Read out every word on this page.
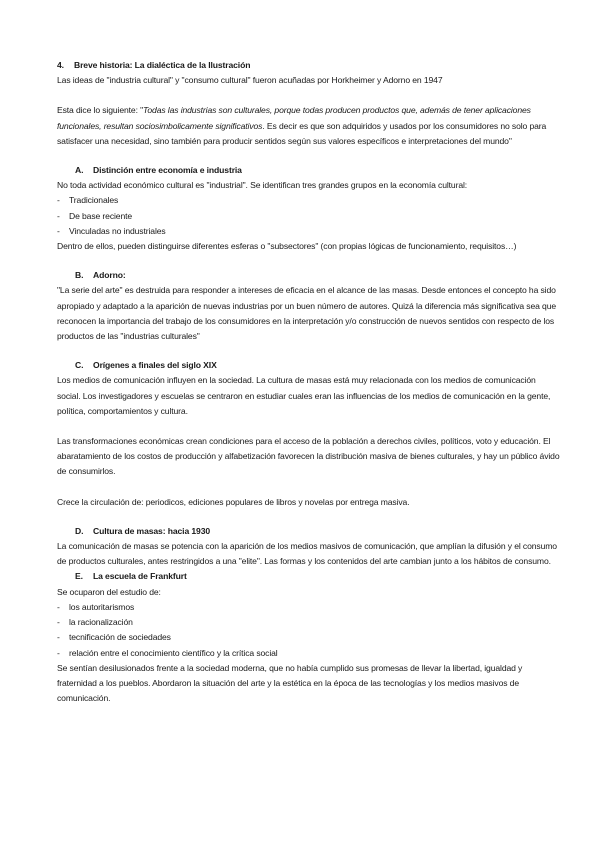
4. Breve historia: La dialéctica de la Ilustración

Las ideas de "industria cultural" y "consumo cultural" fueron acuñadas por Horkheimer y Adorno en 1947

Esta dice lo siguiente: "Todas las industrias son culturales, porque todas producen productos que, además de tener aplicaciones funcionales, resultan sociosimbolicamente significativos. Es decir es que son adquiridos y usados por los consumidores no solo para satisfacer una necesidad, sino también para producir sentidos según sus valores específicos e interpretaciones del mundo"

A. Distinción entre economía e industria

No toda actividad económico cultural es "industrial". Se identifican tres grandes grupos en la economía cultural:

- Tradicionales
- De base reciente
- Vinculadas no industriales

Dentro de ellos, pueden distinguirse diferentes esferas o "subsectores" (con propias lógicas de funcionamiento, requisitos…)

B. Adorno:

"La serie del arte" es destruida para responder a intereses de eficacia en el alcance de las masas. Desde entonces el concepto ha sido apropiado y adaptado a la aparición de nuevas industrias por un buen número de autores. Quizá la diferencia más significativa sea que reconocen la importancia del trabajo de los consumidores en la interpretación y/o construcción de nuevos sentidos con respecto de los productos de las "industrias culturales"

C. Orígenes a finales del siglo XIX

Los medios de comunicación influyen en la sociedad. La cultura de masas está muy relacionada con los medios de comunicación social. Los investigadores y escuelas se centraron en estudiar cuales eran las influencias de los medios de comunicación en la gente, política, comportamientos y cultura.

Las transformaciones económicas crean condiciones para el acceso de la población a derechos civiles, políticos, voto y educación. El abaratamiento de los costos de producción y alfabetización favorecen la distribución masiva de bienes culturales, y hay un público ávido de consumirlos.

Crece la circulación de: periodicos, ediciones populares de libros y novelas por entrega masiva.

D. Cultura de masas: hacia 1930

La comunicación de masas se potencia con la aparición de los medios masivos de comunicación, que amplían la difusión y el consumo de productos culturales, antes restringidos a una "elite". Las formas y los contenidos del arte cambian junto a los hábitos de consumo.

E. La escuela de Frankfurt

Se ocuparon del estudio de:

- los autoritarismos
- la racionalización
- tecnificación de sociedades
- relación entre el conocimiento científico y la crítica social

Se sentían desilusionados frente a la sociedad moderna, que no había cumplido sus promesas de llevar la libertad, igualdad y fraternidad a los pueblos. Abordaron la situación del arte y la estética en la época de las tecnologías y los medios masivos de comunicación.
